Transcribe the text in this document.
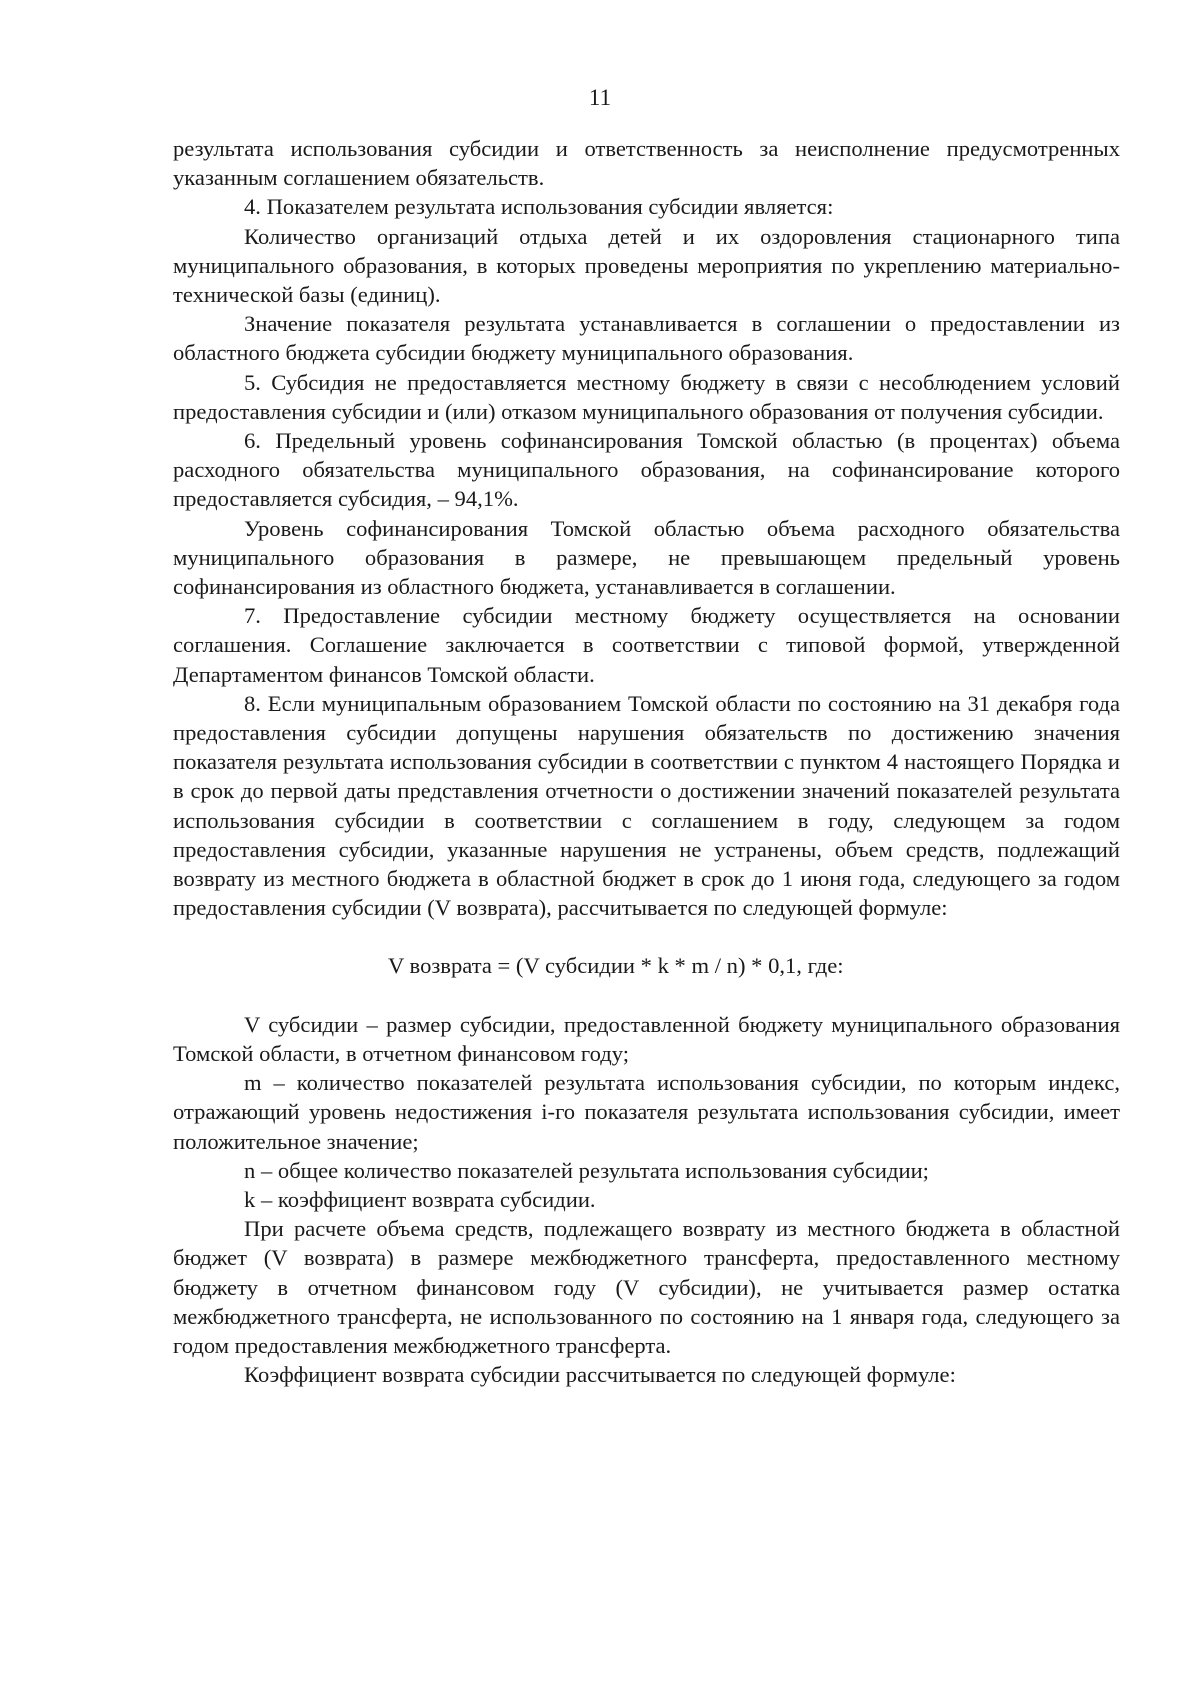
11

результата использования субсидии и ответственность за неисполнение предусмотренных указанным соглашением обязательств.

4. Показателем результата использования субсидии является:

Количество организаций отдыха детей и их оздоровления стационарного типа муниципального образования, в которых проведены мероприятия по укреплению материально-технической базы (единиц).

Значение показателя результата устанавливается в соглашении о предоставлении из областного бюджета субсидии бюджету муниципального образования.

5. Субсидия не предоставляется местному бюджету в связи с несоблюдением условий предоставления субсидии и (или) отказом муниципального образования от получения субсидии.

6. Предельный уровень софинансирования Томской областью (в процентах) объема расходного обязательства муниципального образования, на софинансирование которого предоставляется субсидия, – 94,1%.

Уровень софинансирования Томской областью объема расходного обязательства муниципального образования в размере, не превышающем предельный уровень софинансирования из областного бюджета, устанавливается в соглашении.

7. Предоставление субсидии местному бюджету осуществляется на основании соглашения. Соглашение заключается в соответствии с типовой формой, утвержденной Департаментом финансов Томской области.

8. Если муниципальным образованием Томской области по состоянию на 31 декабря года предоставления субсидии допущены нарушения обязательств по достижению значения показателя результата использования субсидии в соответствии с пунктом 4 настоящего Порядка и в срок до первой даты представления отчетности о достижении значений показателей результата использования субсидии в соответствии с соглашением в году, следующем за годом предоставления субсидии, указанные нарушения не устранены, объем средств, подлежащий возврату из местного бюджета в областной бюджет в срок до 1 июня года, следующего за годом предоставления субсидии (V возврата), рассчитывается по следующей формуле:

V возврата = (V субсидии * k * m / n) * 0,1, где:

V субсидии – размер субсидии, предоставленной бюджету муниципального образования Томской области, в отчетном финансовом году;

m – количество показателей результата использования субсидии, по которым индекс, отражающий уровень недостижения i-го показателя результата использования субсидии, имеет положительное значение;

n – общее количество показателей результата использования субсидии;

k – коэффициент возврата субсидии.

При расчете объема средств, подлежащего возврату из местного бюджета в областной бюджет (V возврата) в размере межбюджетного трансферта, предоставленного местному бюджету в отчетном финансовом году (V субсидии), не учитывается размер остатка межбюджетного трансферта, не использованного по состоянию на 1 января года, следующего за годом предоставления межбюджетного трансферта.

Коэффициент возврата субсидии рассчитывается по следующей формуле:
